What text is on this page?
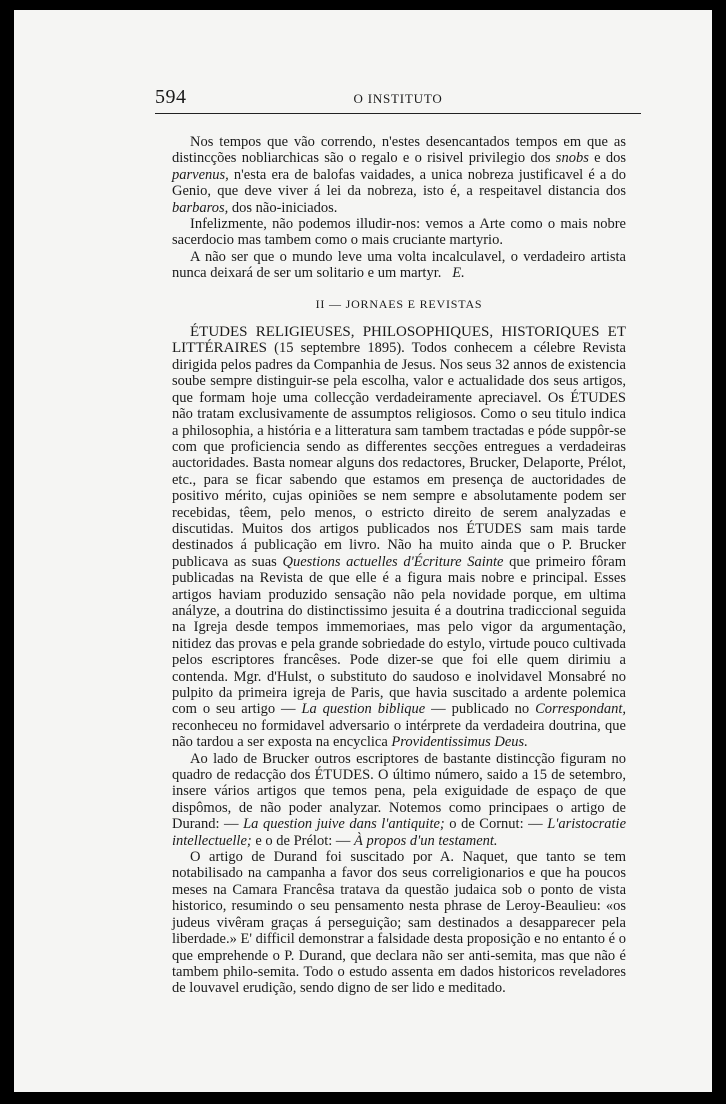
594	O INSTITUTO

Nos tempos que vão correndo, n'estes desencantados tempos em que as distincções nobliarchicas são o regalo e o risivel privilegio dos snobs e dos parvenus, n'esta era de balofas vaidades, a unica nobreza justificavel é a do Genio, que deve viver á lei da nobreza, isto é, a respeitavel distancia dos barbaros, dos não-iniciados.

Infelizmente, não podemos illudir-nos: vemos a Arte como o mais nobre sacerdocio mas tambem como o mais cruciante martyrio.

A não ser que o mundo leve uma volta incalculavel, o verdadeiro artista nunca deixará de ser um solitario e um martyr. E.

II — JORNAES E REVISTAS

ÉTUDES RELIGIEUSES, PHILOSOPHIQUES, HISTORIQUES ET LITTÉRAIRES (15 septembre 1895). Todos conhecem a célebre Revista dirigida pelos padres da Companhia de Jesus. Nos seus 32 annos de existencia soube sempre distinguir-se pela escolha, valor e actualidade dos seus artigos, que formam hoje uma collecção verdadeiramente apreciavel. Os ÉTUDES não tratam exclusivamente de assumptos religiosos. Como o seu titulo indica a philosophia, a história e a litteratura sam tambem tractadas e póde suppôr-se com que proficiencia sendo as differentes secções entregues a verdadeiras auctoridades. Basta nomear alguns dos redactores, Brucker, Delaporte, Prélot, etc., para se ficar sabendo que estamos em presença de auctoridades de positivo mérito, cujas opiniões se nem sempre e absolutamente podem ser recebidas, têem, pelo menos, o estricto direito de serem analyzadas e discutidas. Muitos dos artigos publicados nos ÉTUDES sam mais tarde destinados á publicação em livro. Não ha muito ainda que o P. Brucker publicava as suas Questions actuelles d'Écriture Sainte que primeiro fôram publicadas na Revista de que elle é a figura mais nobre e principal. Esses artigos haviam produzido sensação não pela novidade porque, em ultima anályze, a doutrina do distinctissimo jesuita é a doutrina tradiccional seguida na Igreja desde tempos immemoriaes, mas pelo vigor da argumentação, nitidez das provas e pela grande sobriedade do estylo, virtude pouco cultivada pelos escriptores francêses. Pode dizer-se que foi elle quem dirimiu a contenda. Mgr. d'Hulst, o substituto do saudoso e inolvidavel Monsabré no pulpito da primeira igreja de Paris, que havia suscitado a ardente polemica com o seu artigo — La question biblique — publicado no Correspondant, reconheceu no formidavel adversario o intérprete da verdadeira doutrina, que não tardou a ser exposta na encyclica Providentissimus Deus.

Ao lado de Brucker outros escriptores de bastante distincção figuram no quadro de redacção dos ÉTUDES. O último número, saido a 15 de setembro, insere vários artigos que temos pena, pela exiguidade de espaço de que dispômos, de não poder analyzar. Notemos como principaes o artigo de Durand: — La question juive dans l'antiquite; o de Cornut: — L'aristocratie intellectuelle; e o de Prélot: — À propos d'un testament.

O artigo de Durand foi suscitado por A. Naquet, que tanto se tem notabilisado na campanha a favor dos seus correligionarios e que ha poucos meses na Camara Francêsa tratava da questão judaica sob o ponto de vista historico, resumindo o seu pensamento nesta phrase de Leroy-Beaulieu: «os judeus vivêram graças á perseguição; sam destinados a desapparecer pela liberdade.» E' difficil demonstrar a falsidade desta proposição e no entanto é o que emprehende o P. Durand, que declara não ser anti-semita, mas que não é tambem philo-semita. Todo o estudo assenta em dados historicos reveladores de louvavel erudição, sendo digno de ser lido e meditado.
